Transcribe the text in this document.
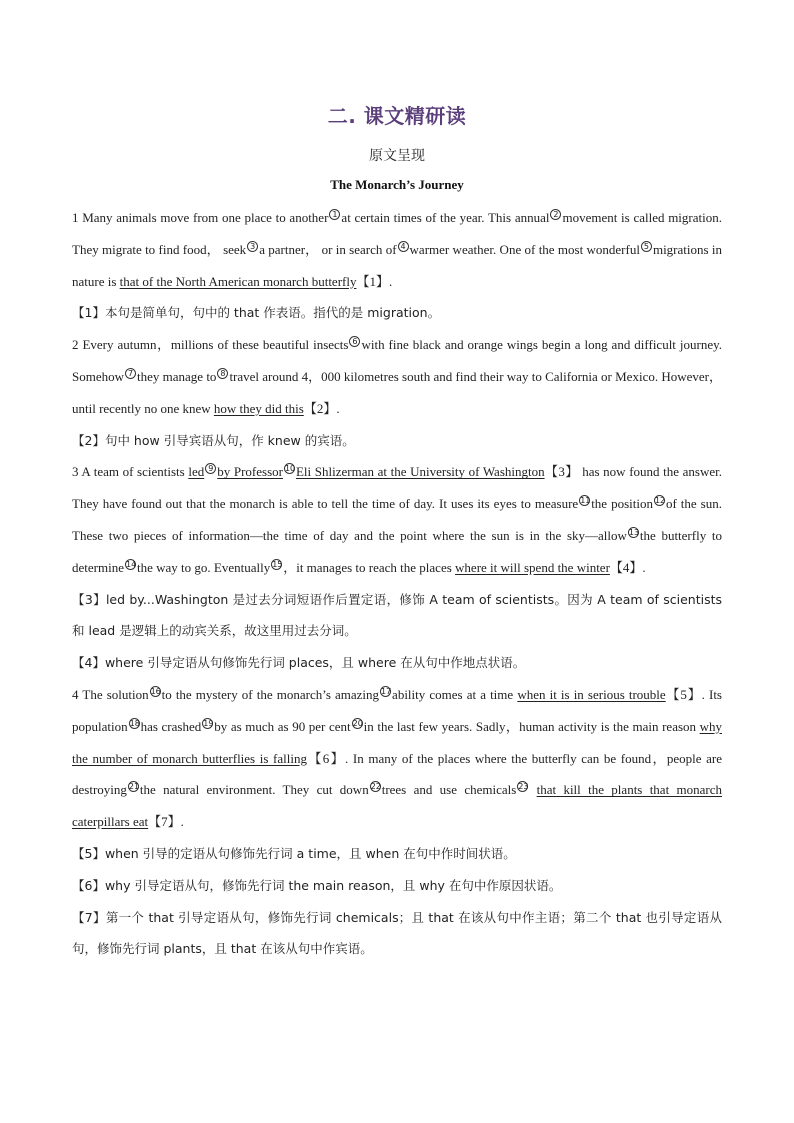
二. 课文精研读
原文呈现
The Monarch’s Journey

1 Many animals move from one place to another 1 at certain times of the year. This annual 2 movement is called migration. They migrate to find food， seek 3 a partner， or in search of 4 warmer weather. One of the most wonderful 5 migrations in nature is that of the North American monarch butterfly【1】.

【1】本句是简单句，句中的 that 作表语。指代的是 migration。

2 Every autumn，millions of these beautiful insects 6 with fine black and orange wings begin a long and difficult journey. Somehow 7 they manage to 8 travel around 4，000 kilometres south and find their way to California or Mexico. However，until recently no one knew how they did this【2】.

【2】句中 how 引导宾语从句，作 knew 的宾语。

3 A team of scientists led 9 by Professor 10Eli Shlizerman at the University of Washington【3】 has now found the answer. They have found out that the monarch is able to tell the time of day. It uses its eyes to measure 11the position 12of the sun. These two pieces of information—the time of day and the point where the sun is in the sky—allow 13the butterfly to determine 14the way to go. Eventually 15，it manages to reach the places where it will spend the winter【4】.

【3】led by...Washington 是过去分词短语作后置定语，修饰 A team of scientists。因为 A team of scientists和 lead 是逻辑上的动宾关系，故这里用过去分词。

【4】where 引导定语从句修饰先行词 places，且 where 在从句中作地点状语。

4 The solution 16to the mystery of the monarch’s amazing 17ability comes at a time when it is in serious trouble【5】. Its population 18has crashed 19by as much as 90 per cent 20in the last few years. Sadly，human activity is the main reason why the number of monarch butterflies is falling【6】. In many of the places where the butterfly can be found，people are destroying 21the natural environment. They cut down 22trees and use chemicals 23 that kill the plants that monarch caterpillars eat【7】.

【5】when 引导的定语从句修饰先行词 a time，且 when 在句中作时间状语。

【6】why 引导定语从句，修饰先行词 the main reason，且 why 在句中作原因状语。

【7】第一个 that 引导定语从句，修饰先行词 chemicals；且 that 在该从句中作主语；第二个 that 也引导定语从句，修饰先行词 plants，且 that 在该从句中作宾语。
